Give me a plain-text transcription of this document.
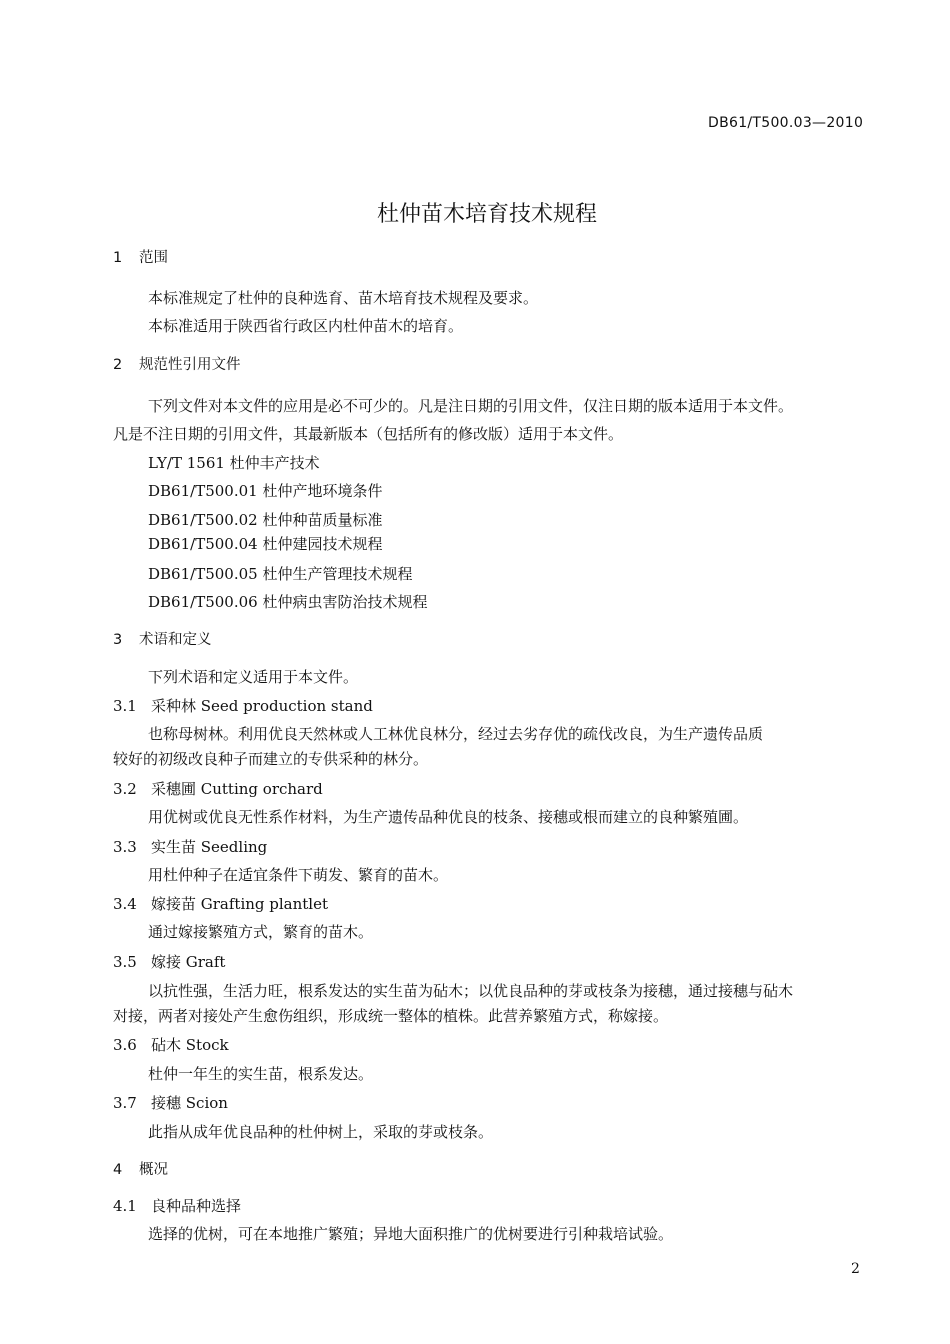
DB61/T500.03—2010
杜仲苗木培育技术规程
1 范围
本标准规定了杜仲的良种选育、苗木培育技术规程及要求。
本标准适用于陕西省行政区内杜仲苗木的培育。
2 规范性引用文件
下列文件对本文件的应用是必不可少的。凡是注日期的引用文件，仅注日期的版本适用于本文件。
凡是不注日期的引用文件，其最新版本（包括所有的修改版）适用于本文件。
LY/T 1561 杜仲丰产技术
DB61/T500.01 杜仲产地环境条件
DB61/T500.02 杜仲种苗质量标准
DB61/T500.04 杜仲建园技术规程
DB61/T500.05 杜仲生产管理技术规程
DB61/T500.06 杜仲病虫害防治技术规程
3 术语和定义
下列术语和定义适用于本文件。
3.1 采种林 Seed production stand
也称母树林。利用优良天然林或人工林优良林分，经过去劣存优的疏伐改良，为生产遗传品质
较好的初级改良种子而建立的专供采种的林分。
3.2 采穗圃 Cutting orchard
用优树或优良无性系作材料，为生产遗传品种优良的枝条、接穗或根而建立的良种繁殖圃。
3.3 实生苗 Seedling
用杜仲种子在适宜条件下萌发、繁育的苗木。
3.4 嫁接苗 Grafting plantlet
通过嫁接繁殖方式，繁育的苗木。
3.5 嫁接 Graft
以抗性强，生活力旺，根系发达的实生苗为砧木；以优良品种的芽或枝条为接穗，通过接穗与砧木
对接，两者对接处产生愈伤组织，形成统一整体的植株。此营养繁殖方式，称嫁接。
3.6 砧木 Stock
杜仲一年生的实生苗，根系发达。
3.7 接穗 Scion
此指从成年优良品种的杜仲树上，采取的芽或枝条。
4 概况
4.1 良种品种选择
选择的优树，可在本地推广繁殖；异地大面积推广的优树要进行引种栽培试验。
2
